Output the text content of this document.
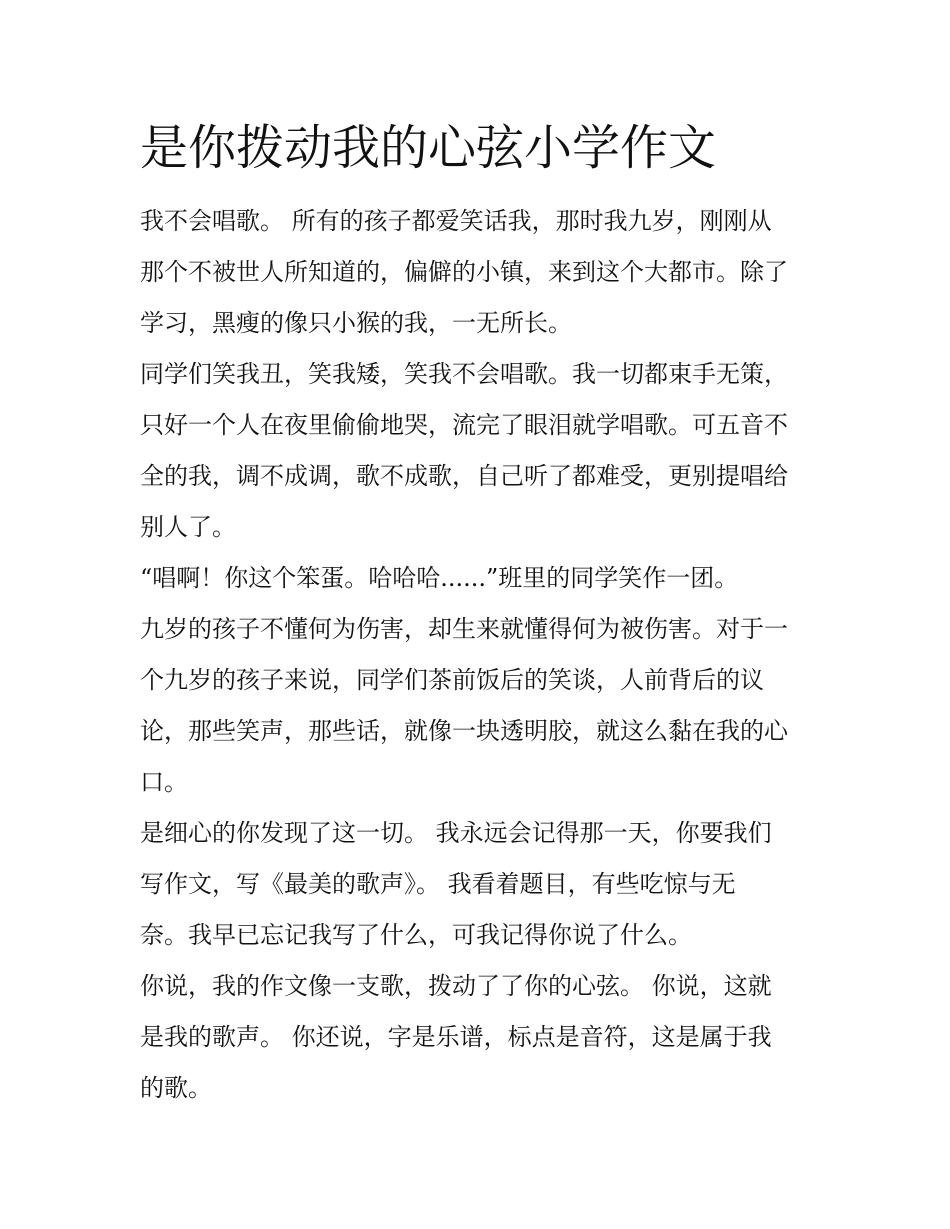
是你拨动我的心弦小学作文
我不会唱歌。 所有的孩子都爱笑话我，那时我九岁，刚刚从
那个不被世人所知道的，偏僻的小镇，来到这个大都市。除了
学习，黑瘦的像只小猴的我，一无所长。
同学们笑我丑，笑我矮，笑我不会唱歌。我一切都束手无策，
只好一个人在夜里偷偷地哭，流完了眼泪就学唱歌。可五音不
全的我，调不成调，歌不成歌，自己听了都难受，更别提唱给
别人了。
“唱啊！你这个笨蛋。哈哈哈......”班里的同学笑作一团。
九岁的孩子不懂何为伤害，却生来就懂得何为被伤害。对于一
个九岁的孩子来说，同学们茶前饭后的笑谈，人前背后的议
论，那些笑声，那些话，就像一块透明胶，就这么黏在我的心
口。
是细心的你发现了这一切。 我永远会记得那一天，你要我们
写作文，写《最美的歌声》。 我看着题目，有些吃惊与无
奈。我早已忘记我写了什么，可我记得你说了什么。
你说，我的作文像一支歌，拨动了了你的心弦。 你说，这就
是我的歌声。 你还说，字是乐谱，标点是音符，这是属于我
的歌。
